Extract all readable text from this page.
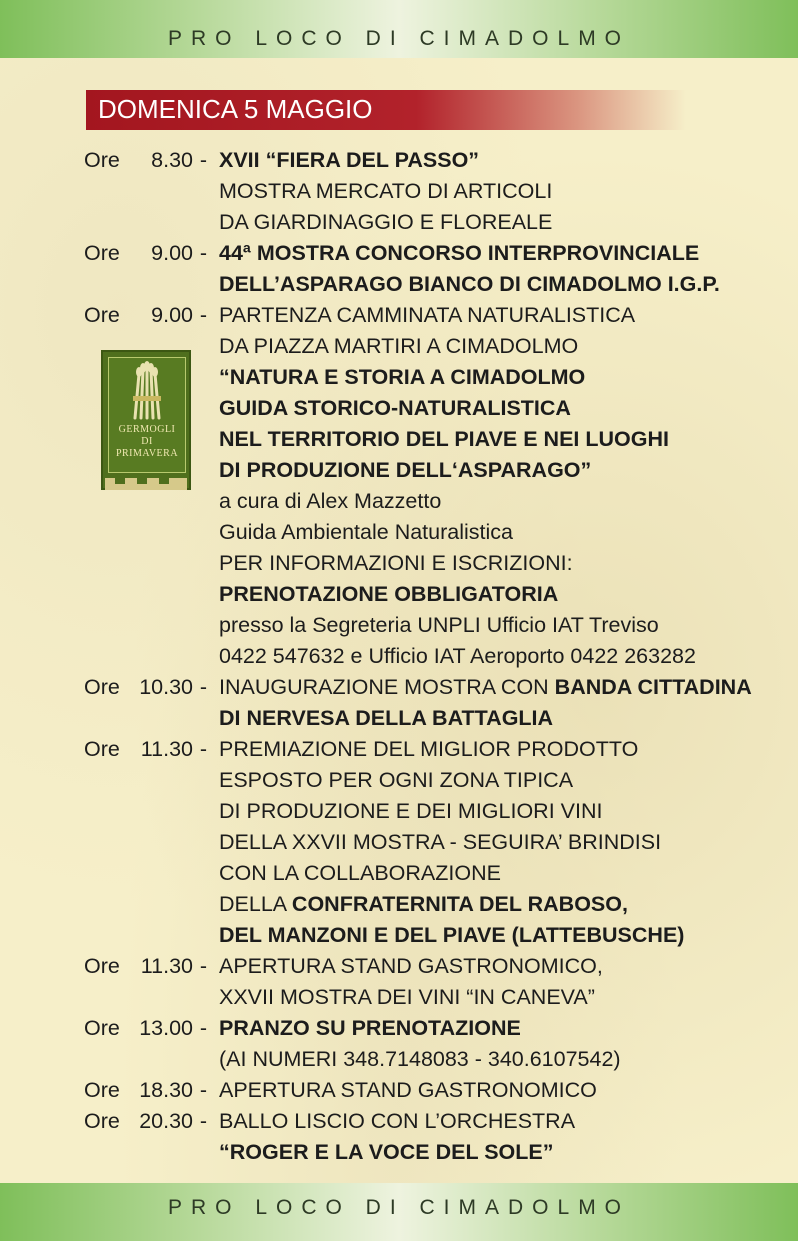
PRO LOCO DI CIMADOLMO
DOMENICA 5 MAGGIO
Ore 8.30 - XVII “FIERA DEL PASSO”
MOSTRA MERCATO DI ARTICOLI
DA GIARDINAGGIO E FLOREALE
Ore 9.00 - 44ª MOSTRA CONCORSO INTERPROVINCIALE
DELL’ASPARAGO BIANCO DI CIMADOLMO I.G.P.
Ore 9.00 - PARTENZA CAMMINATA NATURALISTICA
DA PIAZZA MARTIRI A CIMADOLMO
“NATURA E STORIA A CIMADOLMO
GUIDA STORICO-NATURALISTICA
NEL TERRITORIO DEL PIAVE E NEI LUOGHI
DI PRODUZIONE DELL‘ASPARAGO”
a cura di Alex Mazzetto
Guida Ambientale Naturalistica
PER INFORMAZIONI E ISCRIZIONI:
PRENOTAZIONE OBBLIGATORIA
presso la Segreteria UNPLI Ufficio IAT Treviso
0422 547632 e Ufficio IAT Aeroporto 0422 263282
Ore 10.30 - INAUGURAZIONE MOSTRA CON BANDA CITTADINA
DI NERVESA DELLA BATTAGLIA
Ore 11.30 - PREMIAZIONE DEL MIGLIOR PRODOTTO
ESPOSTO PER OGNI ZONA TIPICA
DI PRODUZIONE E DEI MIGLIORI VINI
DELLA XXVII MOSTRA - SEGUIRA’ BRINDISI
CON LA COLLABORAZIONE
DELLA CONFRATERNITA DEL RABOSO,
DEL MANZONI E DEL PIAVE (LATTEBUSCHE)
Ore 11.30 - APERTURA STAND GASTRONOMICO,
XXVII MOSTRA DEI VINI “IN CANEVA”
Ore 13.00 - PRANZO SU PRENOTAZIONE
(AI NUMERI 348.7148083 - 340.6107542)
Ore 18.30 - APERTURA STAND GASTRONOMICO
Ore 20.30 - BALLO LISCIO CON L’ORCHESTRA
“ROGER E LA VOCE DEL SOLE”
GERMOGLI
DI PRIMAVERA
PRO LOCO DI CIMADOLMO
